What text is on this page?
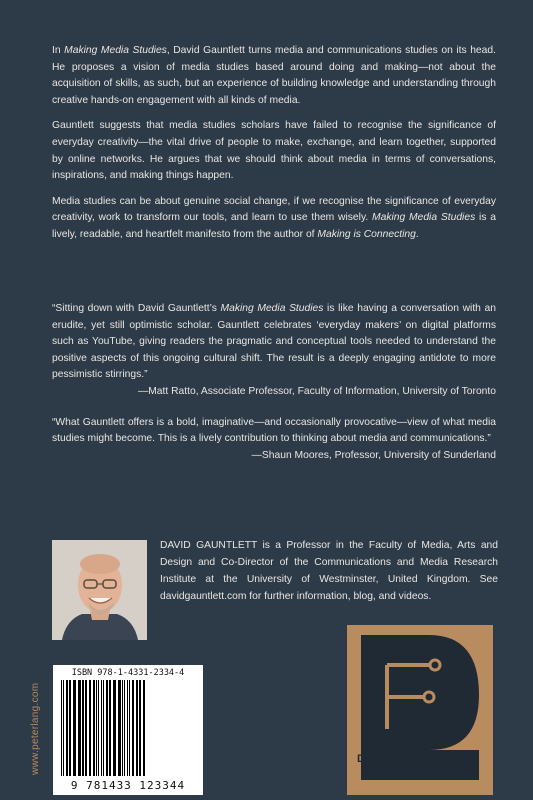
In Making Media Studies, David Gauntlett turns media and communications studies on its head. He proposes a vision of media studies based around doing and making—not about the acquisition of skills, as such, but an experience of building knowledge and understanding through creative hands-on engagement with all kinds of media.

Gauntlett suggests that media studies scholars have failed to recognise the significance of everyday creativity—the vital drive of people to make, exchange, and learn together, supported by online networks. He argues that we should think about media in terms of conversations, inspirations, and making things happen.

Media studies can be about genuine social change, if we recognise the significance of everyday creativity, work to transform our tools, and learn to use them wisely. Making Media Studies is a lively, readable, and heartfelt manifesto from the author of Making is Connecting.

“Sitting down with David Gauntlett’s Making Media Studies is like having a conversation with an erudite, yet still optimistic scholar. Gauntlett celebrates ‘everyday makers’ on digital platforms such as YouTube, giving readers the pragmatic and conceptual tools needed to understand the positive aspects of this ongoing cultural shift. The result is a deeply engaging antidote to more pessimistic stirrings.”

—Matt Ratto, Associate Professor, Faculty of Information, University of Toronto

“What Gauntlett offers is a bold, imaginative—and occasionally provocative—view of what media studies might become. This is a lively contribution to thinking about media and communications.”

—Shaun Moores, Professor, University of Sunderland
DAVID GAUNTLETT is a Professor in the Faculty of Media, Arts and Design and Co-Director of the Communications and Media Research Institute at the University of Westminster, United Kingdom. See davidgauntlett.com for further information, blog, and videos.
www.peterlang.com
ISBN 978-1-4331-2334-4
9 781433 123344
Digital Formations
